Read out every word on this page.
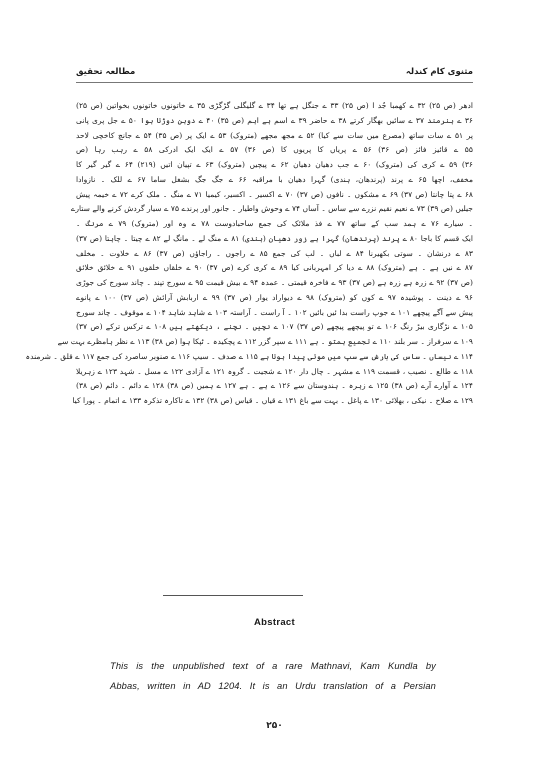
مثنوی کام کندلہ
مطالعہ تحقیق
ادھر (ص ۲۵) ۳۲ ے کھمبا جُد ا (ص ۲۵) ۳۳ ے جنگل ہے تھا ۳۴ ے گلیگلی گڑگڑی ۳۵ ے خاتونوں خاتونوں بخواتین (ص ۲۵)
۳۶ ے ہنرمند ۳۷ ے سائیں بھگار کرتے ۳۸ ے حاضر ۳۹ ے اسم ہے اہم (ص ۳۵) ۴۰ ے دوہن دوڑتا ہوا ۵۰ ے جل پری پانی
پر ۵۱ ے سات ساتھ (مصرع میں سات سے کیا) ۵۲ ے مجھ مجھے (متروک) ۵۳ ے ایک پر (ص ۳۵) ۵۴ ے جانچ کاخچی لاحد
۵۵ ے قائیز فائز (ص ۳۶) ۵۶ ے پریاں کا پریوں کا (ص ۳۶) ۵۷ ے ایک ایک ادرکی ۵۸ ے رہب رہا (ص
۳۶) ۵۹ ے کری کی (متروک) ۶۰ ے جب دھیان دھیان ۶۲ ے پیچیں (متروک) ۶۳ ے تپیان اتیں (۲۱۹) ۶۴ ے گیر گیر کا
مخفف، اچھا ۶۵ ے پرند (پرندھان، ہندی) گہرا دھیان با مراقبہ ۶۶ ے جگ جگ بشغل ساما ۶۷ ے للک ۔ نازوادا
۶۸ ے پتا چانتا (ص ۳۷) ۶۹ ے مشکوں ۔ نافوں (ص ۳۷) ۷۰ ے اکسیر ۔ اکسیر، کیمیا ۷۱ ے منگ ۔ ملک کرے ۷۲ ے خیمہ پیش
جیلیں (ص ۳۹) ۷۳ ے نعیم نقیم نزرے سے ساس ۔ آساں ۷۴ ے وحوش واطیار ۔ جانور اور پرندے ۷۵ ے سیار گردش کرنے والے ستارے
۔ سیارے ۷۶ ے ہمد سب کے ساتھ ۷۷ ے فذ ملائک کی جمع ساحبادوست ۷۸ ے وہ اور (متروک) ۷۹ ے مرنگ ۔
ایک قسم کا باجا ۸۰ ے پرند (پرندھان) گہرا ہے زور دھیان (ہندی) ۸۱ ے منگ لے ۔ مانگ لے ۸۲ ے چیتا ۔ چاہتا (ص ۳۷)
۸۳ ے درنشان ۔ سوتی بکھیرنا ۸۴ ے لباں ۔ لب کی جمع ۸۵ ے راجوں ۔ راجاؤں (ص ۳۷) ۸۶ ے خلاوت ۔ مخلف
۸۷ ے نیں ہے ۔ ہے (متروک) ۸۸ ے دیا کر امہربانی کیا ۸۹ ے کری کرے (ص ۳۷) ۹۰ ے خلقاں خلقوں ۹۱ ے خلائق خلائق
(ص ۳۷) ۹۲ ے زرہ ہے زرہ ہے (ص ۳۷) ۹۳ ے فاخرہ قیمتی ۔ عمدہ ۹۴ ے بیش قیمت ۹۵ ے سورج تپند ۔ چاند سورج کی جوڑی
۹۶ ے دینت ۔ پوشیدہ ۹۷ ے کوں کو (متروک) ۹۸ ے دیواراد یوار (ص ۳۷) ۹۹ ے اربابش آرائش (ص ۳۷) ۱۰۰ ے پانوے
پیش سے آگے پیچھے ۱۰۱ ے جوپ راست بدا ئیں بائیں ۱۰۲ ۔ آ راست ۔ آراستہ ۱۰۳ ے شاہد شاہد ۱۰۴ ے موقوف ۔ چاند سورج
۱۰۵ ے نڑگاری بیڑ رنگ ۱۰۶ ے تو پیچھے پیچھے (ص ۳۷) ۱۰۷ ے نچیں ۔ نچنے ، دیکھتے ہیں ۱۰۸ ے ترکس ترکے (ص ۳۷)
۱۰۹ ے سرفراز ۔ سر بلند ۱۱۰ ے تجمیع ہمتو ۔ ہے ۱۱۱ ے سپر گزر ۱۱۲ ے پچکیدہ ۔ ٹپکا ہوا (ص ۳۸) ۱۱۳ ے نظر ہامظرے بہت سے
۱۱۴ ے نیساں ۔ ساس کی بارش سے سپ میں موتی پیدا ہوتا ہے ۱۱۵ ے صدف ۔ سیپ ۱۱۶ ے صنوبر ساصرد کی جمع ۱۱۷ ے قلق ۔ شرمندہ
۱۱۸ ے طالع ۔ نصیب ، قسمت ۱۱۹ ے مشہر ۔ چال دار ۱۲۰ ے شجیت ۔ گروہ ۱۲۱ ے آزادی ۱۲۲ ے مسل ۔ شہد ۱۲۳ ے زہریلا
۱۲۴ ے آوارے آرے (ص ۳۸) ۱۲۵ ے زہرہ ۔ ہندوستان سے ۱۲۶ ے ہے ۔ ہے ۱۲۷ ے ہمیں (ص ۳۸) ۱۲۸ ے دائم ۔ دائم (ص ۳۸)
۱۲۹ ے صلاح ۔ نیکی ، بھلائی ۱۳۰ ے پاغل ۔ بہت سے باغ ۱۳۱ ے قیاں ۔ قیاس (ص ۳۸) ۱۳۲ ے تاکارہ تذکرہ ۱۳۳ ے اتمام ۔ پورا کیا
Abstract
This is the unpublished text of a rare Mathnavi, Kam Kundla by
Abbas, written in AD 1204. It is an Urdu translation of a Persian
۲۵۰
